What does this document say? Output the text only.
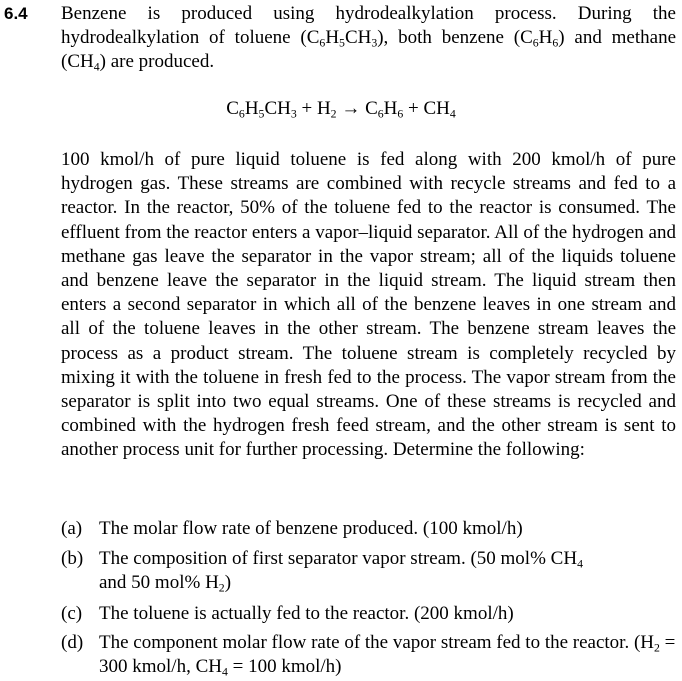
6.4 Benzene is produced using hydrodealkylation process. During the hydrodealkylation of toluene $(C_6H_5CH_3)$, both benzene $(C_6H_6)$ and methane $(CH_4)$ are produced.

$C_6H_5CH_3 + H_2 \to C_6H_6 + CH_4$

100 kmol/h of pure liquid toluene is fed along with 200 kmol/h of pure hydrogen gas. These streams are combined with recycle streams and fed to a reactor. In the reactor, 50% of the toluene fed to the reactor is consumed. The effluent from the reactor enters a vapor–liquid separator. All of the hydrogen and methane gas leave the separator in the vapor stream; all of the liquids toluene and benzene leave the separator in the liquid stream. The liquid stream then enters a second separator in which all of the benzene leaves in one stream and all of the toluene leaves in the other stream. The benzene stream leaves the process as a product stream. The toluene stream is completely recycled by mixing it with the toluene in fresh fed to the process. The vapor stream from the separator is split into two equal streams. One of these streams is recycled and combined with the hydrogen fresh feed stream, and the other stream is sent to another process unit for further processing. Determine the following:

(a) The molar flow rate of benzene produced. (100 kmol/h)
(b) The composition of first separator vapor stream. (50 mol% $CH_4$
and 50 mol% $H_2$)
(c) The toluene is actually fed to the reactor. (200 kmol/h)
(d) The component molar flow rate of the vapor stream fed to the reactor. ($H_2 = 300$ kmol/h, $CH_4 = 100$ kmol/h)
